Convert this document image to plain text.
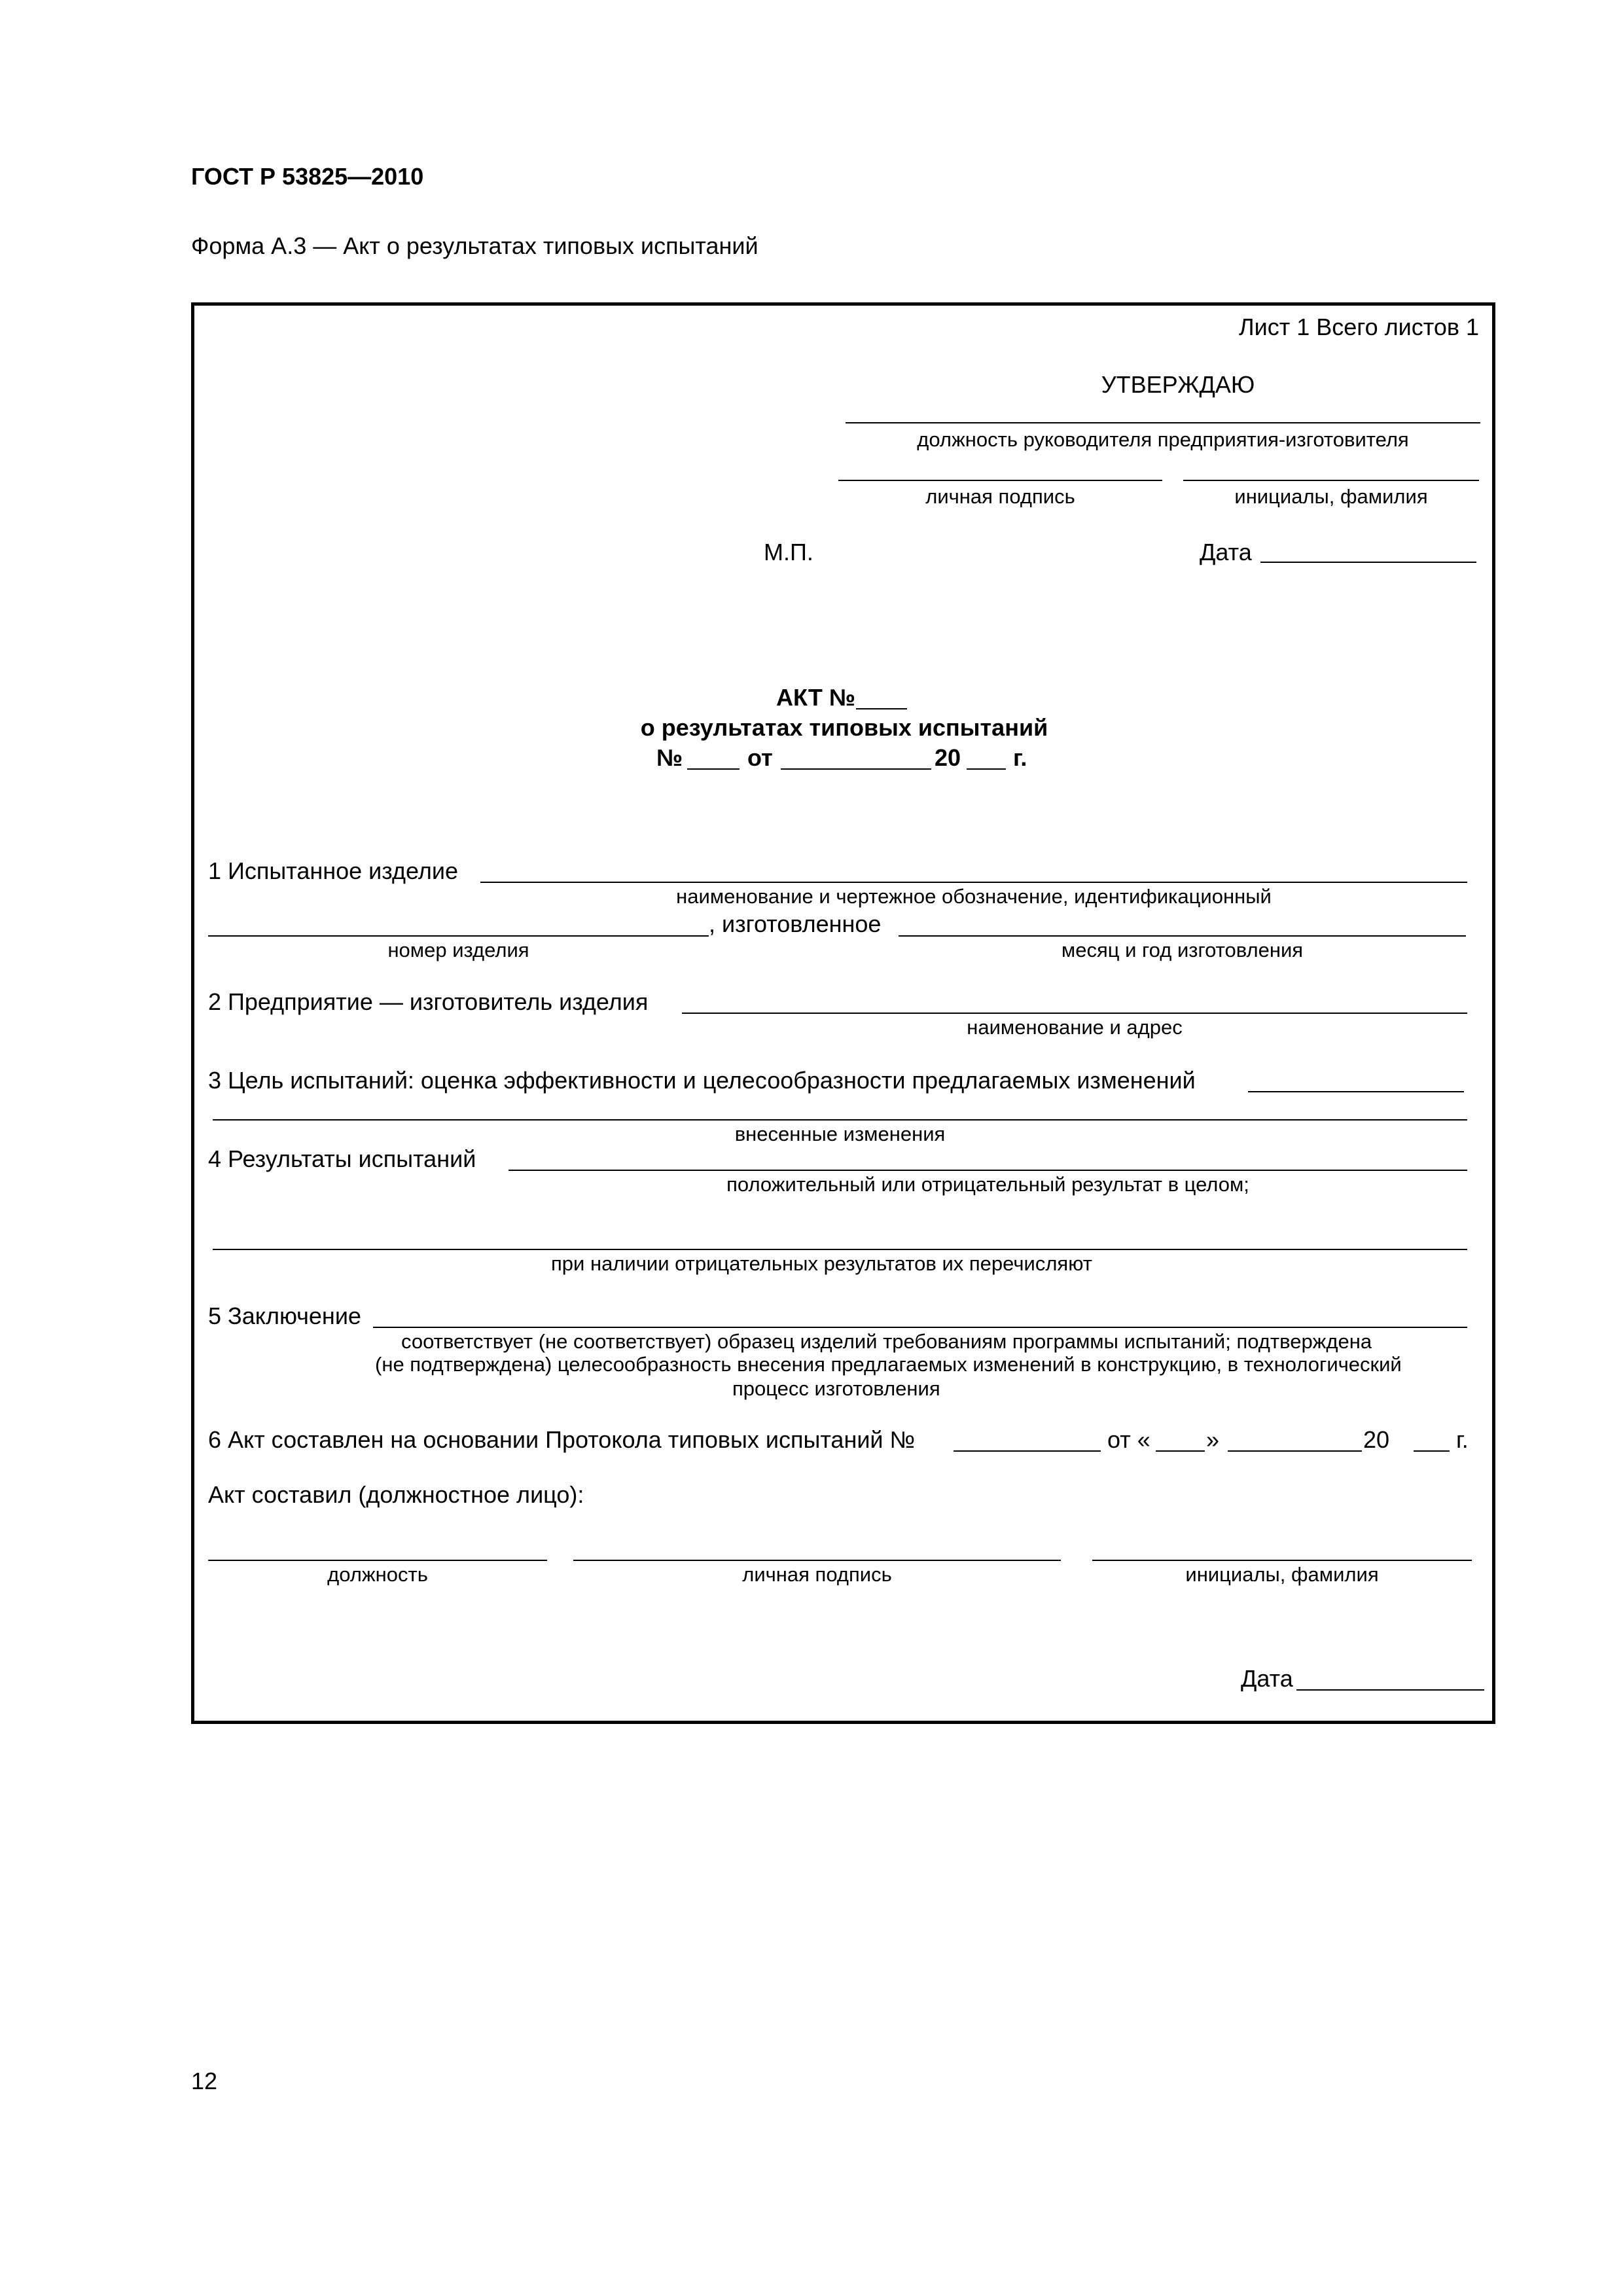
ГОСТ Р 53825—2010
Форма А.3 — Акт о результатах типовых испытаний
Лист 1 Всего листов 1
УТВЕРЖДАЮ
должность руководителя предприятия-изготовителя
личная подпись	инициалы, фамилия
М.П.	Дата
АКТ №
о результатах типовых испытаний
№	от	20 г.
1 Испытанное изделие
наименование и чертежное обозначение, идентификационный
, изготовленное
номер изделия	месяц и год изготовления
2 Предприятие — изготовитель изделия
наименование и адрес
3 Цель испытаний: оценка эффективности и целесообразности предлагаемых изменений
внесенные изменения
4 Результаты испытаний
положительный или отрицательный результат в целом;
при наличии отрицательных результатов их перечисляют
5 Заключение
соответствует (не соответствует) образец изделий требованиям программы испытаний; подтверждена
(не подтверждена) целесообразность внесения предлагаемых изменений в конструкцию, в технологический
процесс изготовления
6 Акт составлен на основании Протокола типовых испытаний №	от « »	20	г.
Акт составил (должностное лицо):
должность	личная подпись	инициалы, фамилия
Дата
12
